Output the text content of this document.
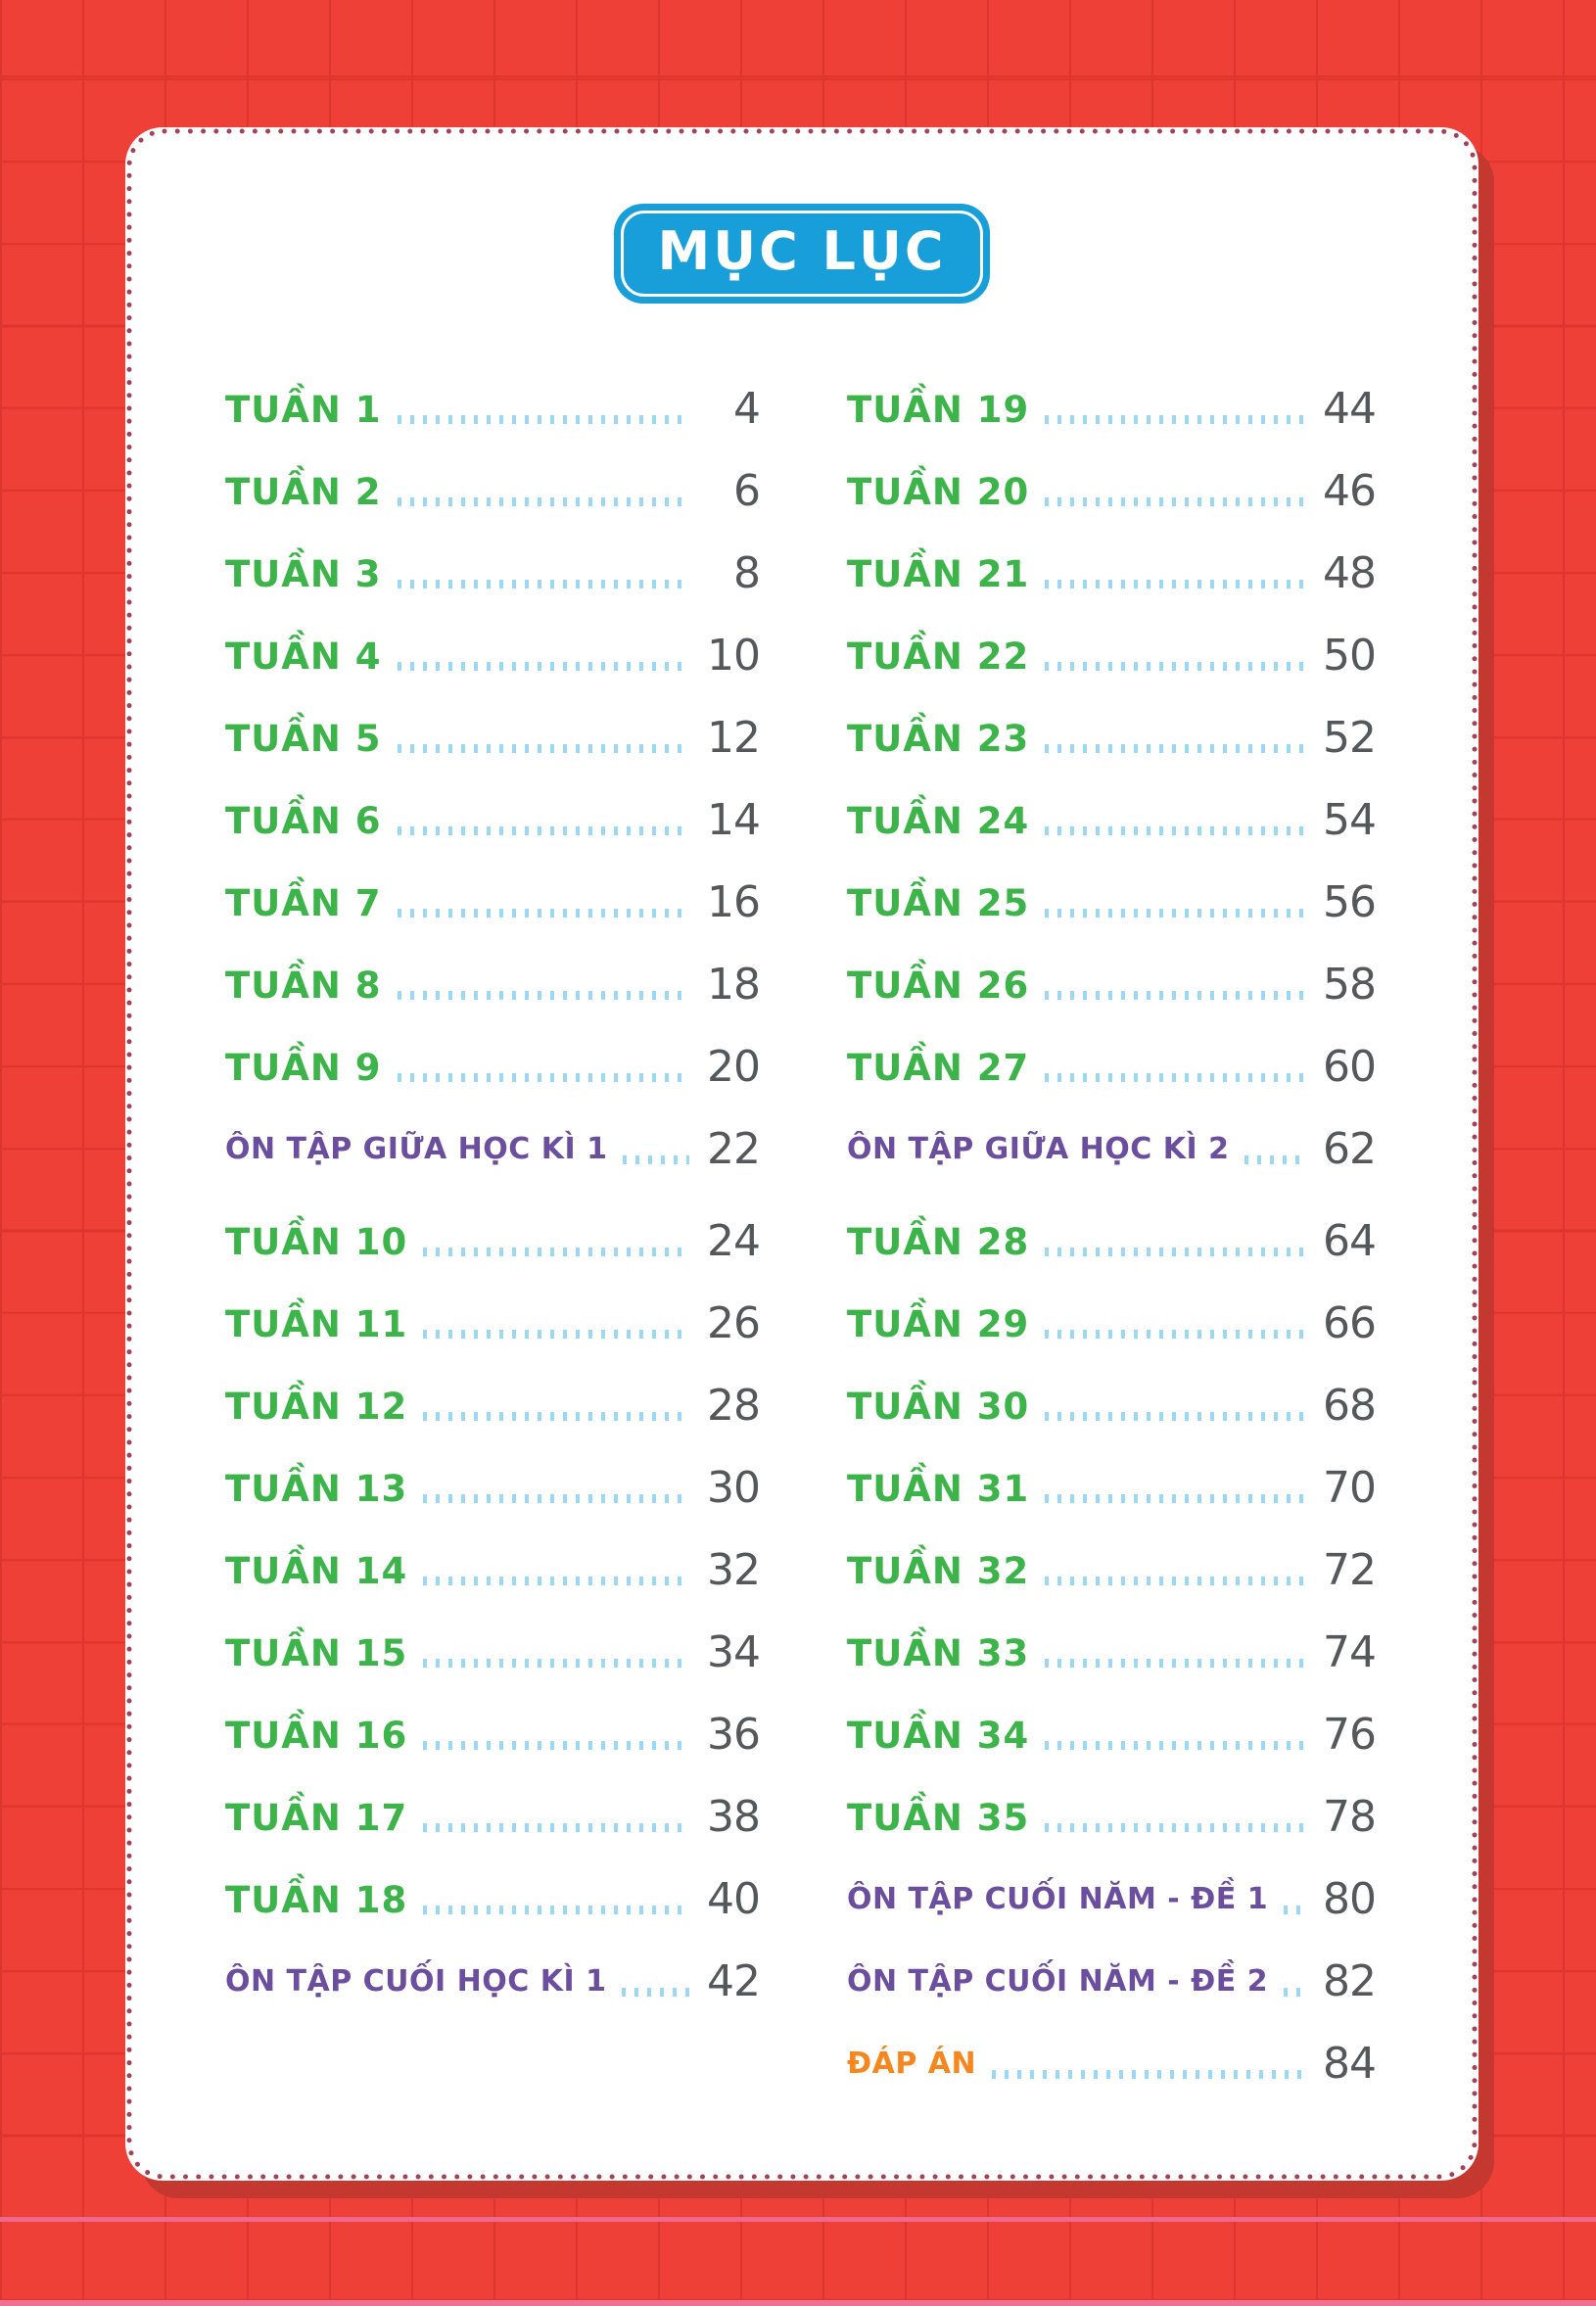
MỤC LỤC
TUẦN 1	4
TUẦN 2	6
TUẦN 3	8
TUẦN 4	10
TUẦN 5	12
TUẦN 6	14
TUẦN 7	16
TUẦN 8	18
TUẦN 9	20
ÔN TẬP GIỮA HỌC KÌ 1 22
TUẦN 10	24
TUẦN 11	26
TUẦN 12	28
TUẦN 13	30
TUẦN 14	32
TUẦN 15	34
TUẦN 16	36
TUẦN 17	38
TUẦN 18	40
ÔN TẬP CUỐI HỌC KÌ 1 42
TUẦN 19	44
TUẦN 20	46
TUẦN 21	48
TUẦN 22	50
TUẦN 23	52
TUẦN 24	54
TUẦN 25	56
TUẦN 26	58
TUẦN 27	60
ÔN TẬP GIỮA HỌC KÌ 2 62
TUẦN 28	64
TUẦN 29	66
TUẦN 30	68
TUẦN 31	70
TUẦN 32	72
TUẦN 33	74
TUẦN 34	76
TUẦN 35	78
ÔN TẬP CUỐI NĂM - ĐỀ 1 80
ÔN TẬP CUỐI NĂM - ĐỀ 2 82
ĐÁP ÁN	84
